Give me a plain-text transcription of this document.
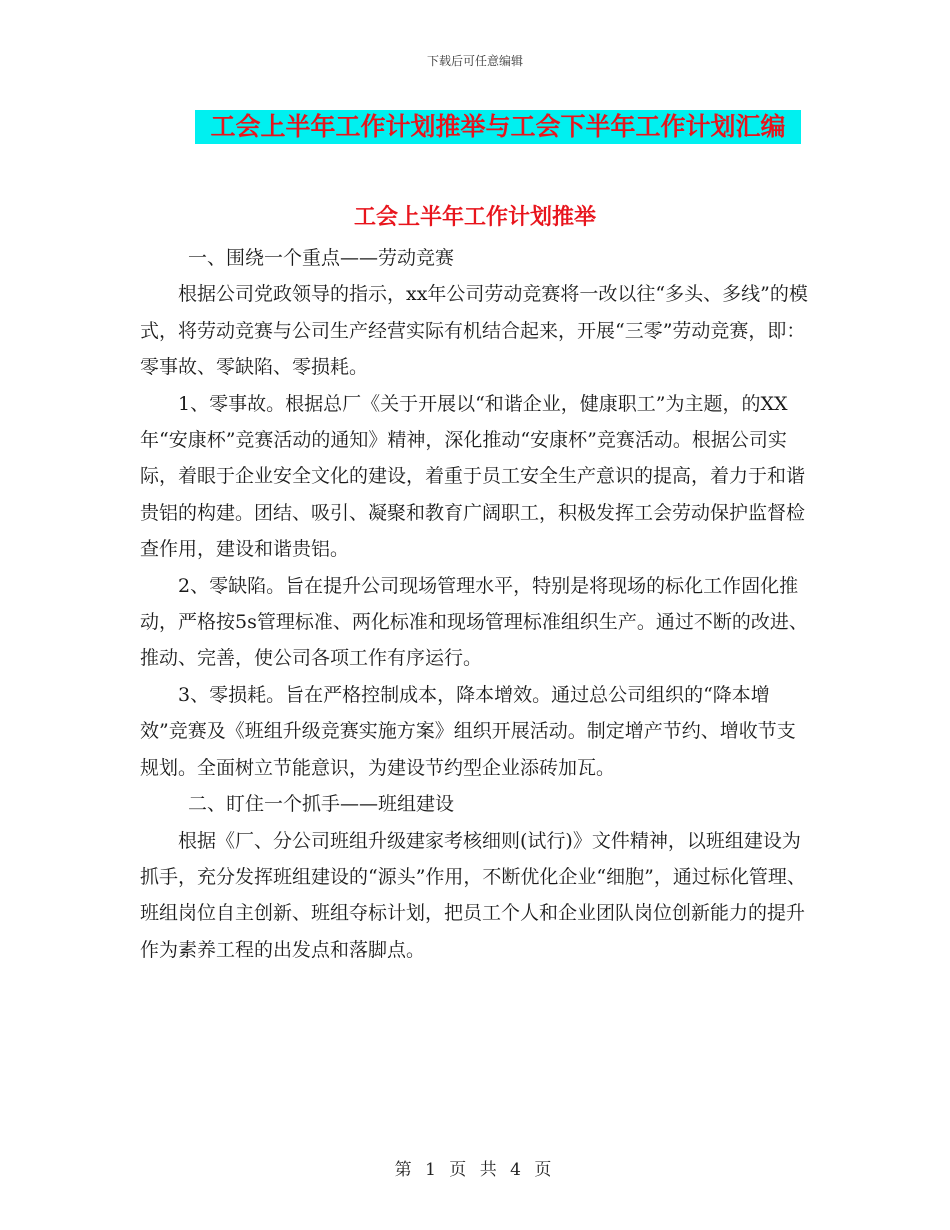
下载后可任意编辑
工会上半年工作计划推举与工会下半年工作计划汇编
工会上半年工作计划推举

一、围绕一个重点——劳动竞赛

根据公司党政领导的指示，xx年公司劳动竞赛将一改以往“多头、多线”的模式，将劳动竞赛与公司生产经营实际有机结合起来，开展“三零”劳动竞赛，即：零事故、零缺陷、零损耗。

1、零事故。根据总厂《关于开展以“和谐企业，健康职工”为主题，的XX年“安康杯”竞赛活动的通知》精神，深化推动“安康杯”竞赛活动。根据公司实际，着眼于企业安全文化的建设，着重于员工安全生产意识的提高，着力于和谐贵铝的构建。团结、吸引、凝聚和教育广阔职工，积极发挥工会劳动保护监督检查作用，建设和谐贵铝。

2、零缺陷。旨在提升公司现场管理水平，特别是将现场的标化工作固化推动，严格按5s管理标准、两化标准和现场管理标准组织生产。通过不断的改进、推动、完善，使公司各项工作有序运行。

3、零损耗。旨在严格控制成本，降本增效。通过总公司组织的“降本增效”竞赛及《班组升级竞赛实施方案》组织开展活动。制定增产节约、增收节支规划。全面树立节能意识，为建设节约型企业添砖加瓦。

二、盯住一个抓手——班组建设

根据《厂、分公司班组升级建家考核细则(试行)》文件精神，以班组建设为抓手，充分发挥班组建设的“源头”作用，不断优化企业“细胞”，通过标化管理、班组岗位自主创新、班组夺标计划，把员工个人和企业团队岗位创新能力的提升作为素养工程的出发点和落脚点。

第 1 页 共 4 页
